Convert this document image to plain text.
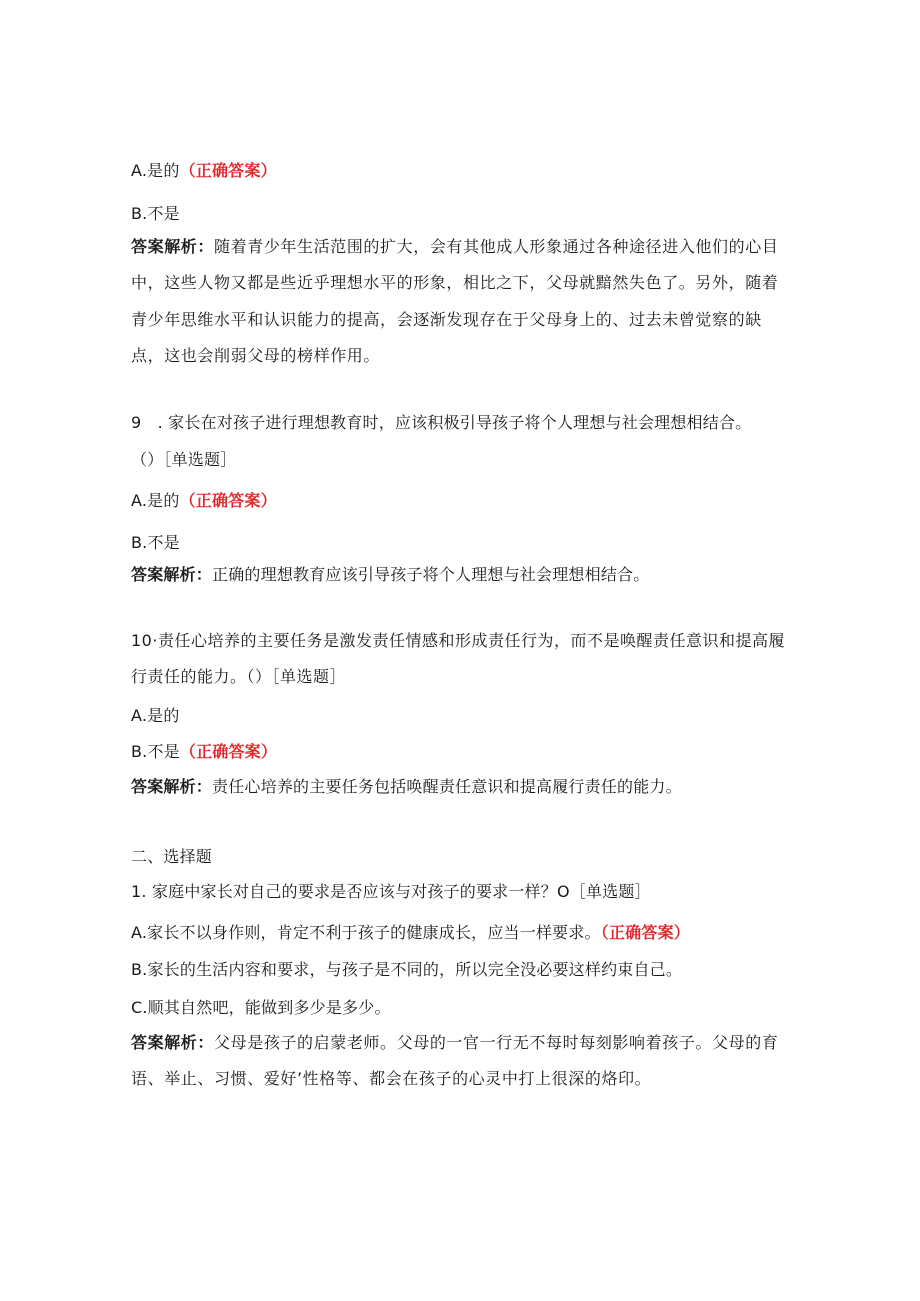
A.是的（正确答案）
B.不是
答案解析：随着青少年生活范围的扩大，会有其他成人形象通过各种途径进入他们的心目中，这些人物又都是些近乎理想水平的形象，相比之下，父母就黯然失色了。另外，随着青少年思维水平和认识能力的提高，会逐渐发现存在于父母身上的、过去未曾觉察的缺点，这也会削弱父母的榜样作用。
9　. 家长在对孩子进行理想教育时，应该积极引导孩子将个人理想与社会理想相结合。
（）［单选题］
A.是的（正确答案）
B.不是
答案解析：正确的理想教育应该引导孩子将个人理想与社会理想相结合。
10·责任心培养的主要任务是激发责任情感和形成责任行为，而不是唤醒责任意识和提高履行责任的能力。（）［单选题］
A.是的
B.不是（正确答案）
答案解析：责任心培养的主要任务包括唤醒责任意识和提高履行责任的能力。
二、选择题
1. 家庭中家长对自己的要求是否应该与对孩子的要求一样？O［单选题］
A.家长不以身作则，肯定不利于孩子的健康成长，应当一样要求。（正确答案）
B.家长的生活内容和要求，与孩子是不同的，所以完全没必要这样约束自己。
C.顺其自然吧，能做到多少是多少。
答案解析：父母是孩子的启蒙老师。父母的一官一行无不每时每刻影响着孩子。父母的育语、举止、习惯、爱好’性格等、都会在孩子的心灵中打上很深的烙印。
